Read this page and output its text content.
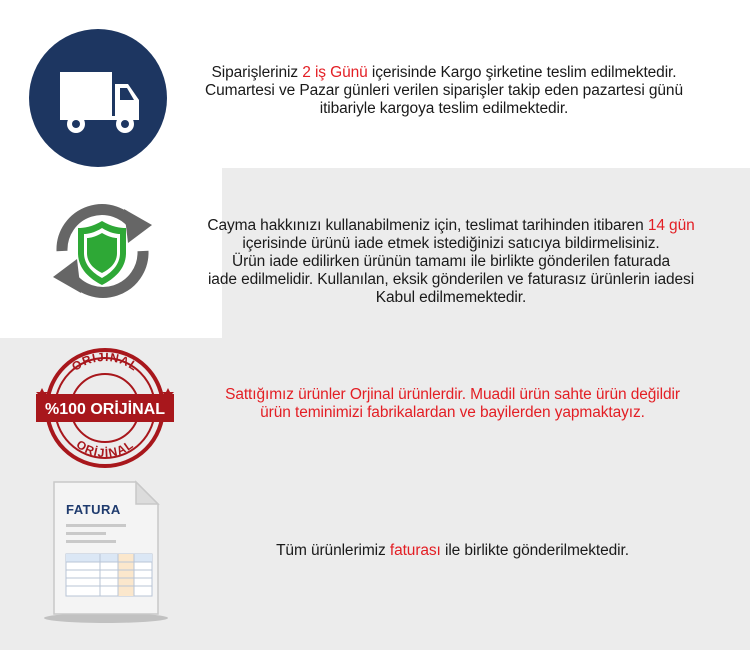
Siparişleriniz 2 iş Günü içerisinde Kargo şirketine teslim edilmektedir.
Cumartesi ve Pazar günleri verilen siparişler takip eden pazartesi günü
itibariyle kargoya teslim edilmektedir.
Cayma hakkınızı kullanabilmeniz için, teslimat tarihinden itibaren 14 gün
içerisinde ürünü iade etmek istediğinizi satıcıya bildirmelisiniz.
Ürün iade edilirken ürünün tamamı ile birlikte gönderilen faturada
iade edilmelidir. Kullanılan, eksik gönderilen ve faturasız ürünlerin iadesi
Kabul edilmemektedir.
ORİJİNAL
ORİJİNAL
%100 ORİJİNAL
Sattığımız ürünler Orjinal ürünlerdir. Muadil ürün sahte ürün değildir
ürün teminimizi fabrikalardan ve bayilerden yapmaktayız.
FATURA
Tüm ürünlerimiz faturası ile birlikte gönderilmektedir.
